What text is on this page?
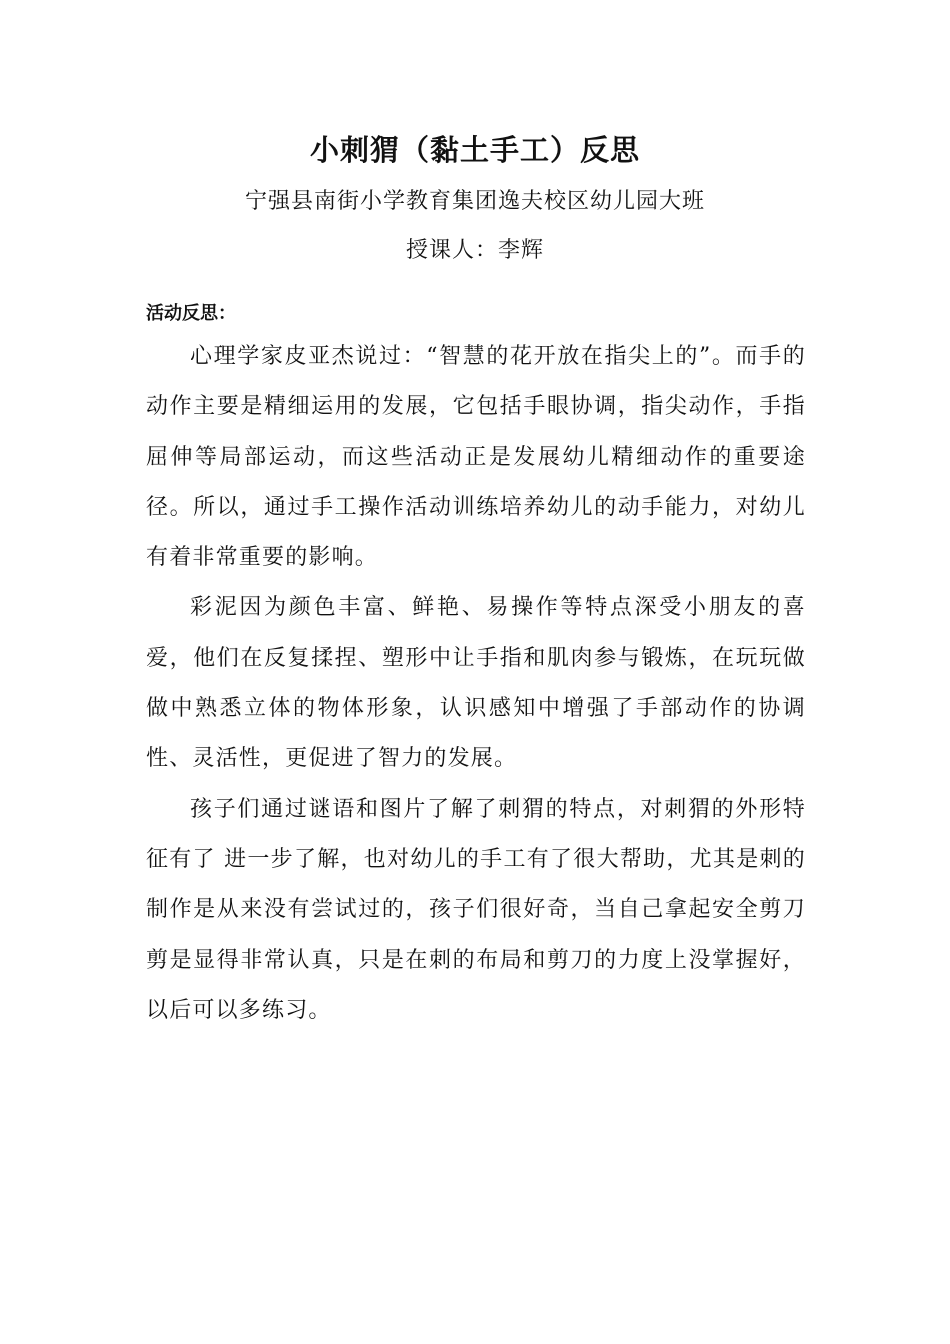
小刺猬（黏土手工）反思
宁强县南街小学教育集团逸夫校区幼儿园大班
授课人：李辉
活动反思：

心理学家皮亚杰说过：“智慧的花开放在指尖上的”。而手的动作主要是精细运用的发展，它包括手眼协调，指尖动作，手指屈伸等局部运动，而这些活动正是发展幼儿精细动作的重要途径。所以，通过手工操作活动训练培养幼儿的动手能力，对幼儿有着非常重要的影响。

彩泥因为颜色丰富、鲜艳、易操作等特点深受小朋友的喜爱，他们在反复揉捏、塑形中让手指和肌肉参与锻炼，在玩玩做做中熟悉立体的物体形象，认识感知中增强了手部动作的协调性、灵活性，更促进了智力的发展。

孩子们通过谜语和图片了解了刺猬的特点，对刺猬的外形特征有了 进一步了解，也对幼儿的手工有了很大帮助，尤其是刺的制作是从来没有尝试过的，孩子们很好奇，当自己拿起安全剪刀剪是显得非常认真，只是在刺的布局和剪刀的力度上没掌握好，以后可以多练习。
